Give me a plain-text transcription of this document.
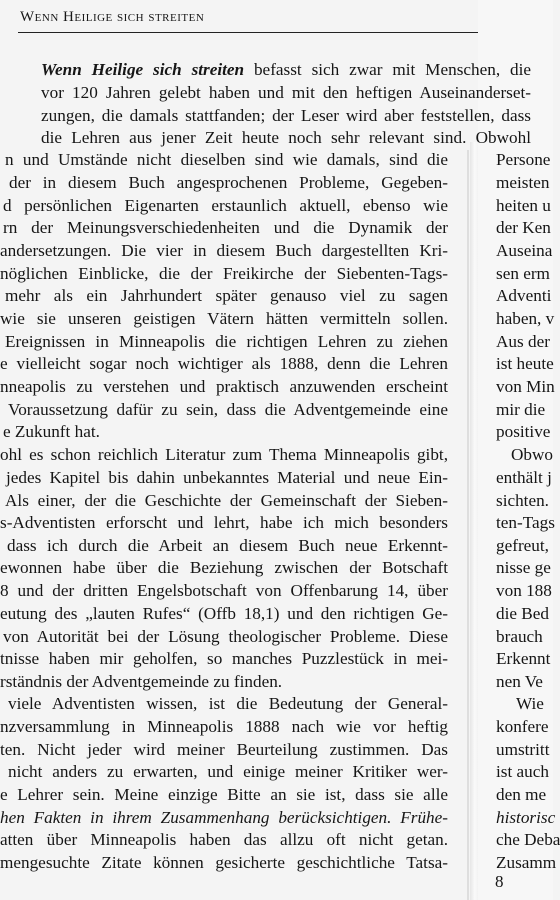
Wenn Heilige sich streiten
Wenn Heilige sich streiten befasst sich zwar mit Menschen, die
vor 120 Jahren gelebt haben und mit den heftigen Auseinanderset-
zungen, die damals stattfanden; der Leser wird aber feststellen, dass
die Lehren aus jener Zeit heute noch sehr relevant sind. Obwohl
n und Umstände nicht dieselben sind wie damals, sind die
der in diesem Buch angesprochenen Probleme, Gegeben-
d persönlichen Eigenarten erstaunlich aktuell, ebenso wie
rn der Meinungsverschiedenheiten und die Dynamik der
andersetzungen. Die vier in diesem Buch dargestellten Kri-
nöglichen Einblicke, die der Freikirche der Siebenten-Tags-
mehr als ein Jahrhundert später genauso viel zu sagen
wie sie unseren geistigen Vätern hätten vermitteln sollen.
Ereignissen in Minneapolis die richtigen Lehren zu ziehen
e vielleicht sogar noch wichtiger als 1888, denn die Lehren
nneapolis zu verstehen und praktisch anzuwenden erscheint
Voraussetzung dafür zu sein, dass die Adventgemeinde eine
e Zukunft hat.
ohl es schon reichlich Literatur zum Thema Minneapolis gibt,
jedes Kapitel bis dahin unbekanntes Material und neue Ein-
Als einer, der die Geschichte der Gemeinschaft der Sieben-
s-Adventisten erforscht und lehrt, habe ich mich besonders
dass ich durch die Arbeit an diesem Buch neue Erkennt-
ewonnen habe über die Beziehung zwischen der Botschaft
8 und der dritten Engelsbotschaft von Offenbarung 14, über
eutung des „lauten Rufes“ (Offb 18,1) und den richtigen Ge-
von Autorität bei der Lösung theologischer Probleme. Diese
tnisse haben mir geholfen, so manches Puzzlestück in mei-
rständnis der Adventgemeinde zu finden.
viele Adventisten wissen, ist die Bedeutung der General-
nzversammlung in Minneapolis 1888 nach wie vor heftig
ten. Nicht jeder wird meiner Beurteilung zustimmen. Das
nicht anders zu erwarten, und einige meiner Kritiker wer-
e Lehrer sein. Meine einzige Bitte an sie ist, dass sie alle
hen Fakten in ihrem Zusammenhang berücksichtigen. Frühe-
atten über Minneapolis haben das allzu oft nicht getan.
mengesuchte Zitate können gesicherte geschichtliche Tatsa-
Persone
meisten
heiten u
der Ken
Auseina
sen erm
Adventi
haben, v
Aus der
ist heute
von Min
mir die
positive
Obwo
enthält j
sichten.
ten-Tags
gefreut,
nisse ge
von 188
die Bed
brauch
Erkennt
nen Ve
Wie
konfere
umstritt
ist auch
den me
historisc
che Deba
Zusamm
8
